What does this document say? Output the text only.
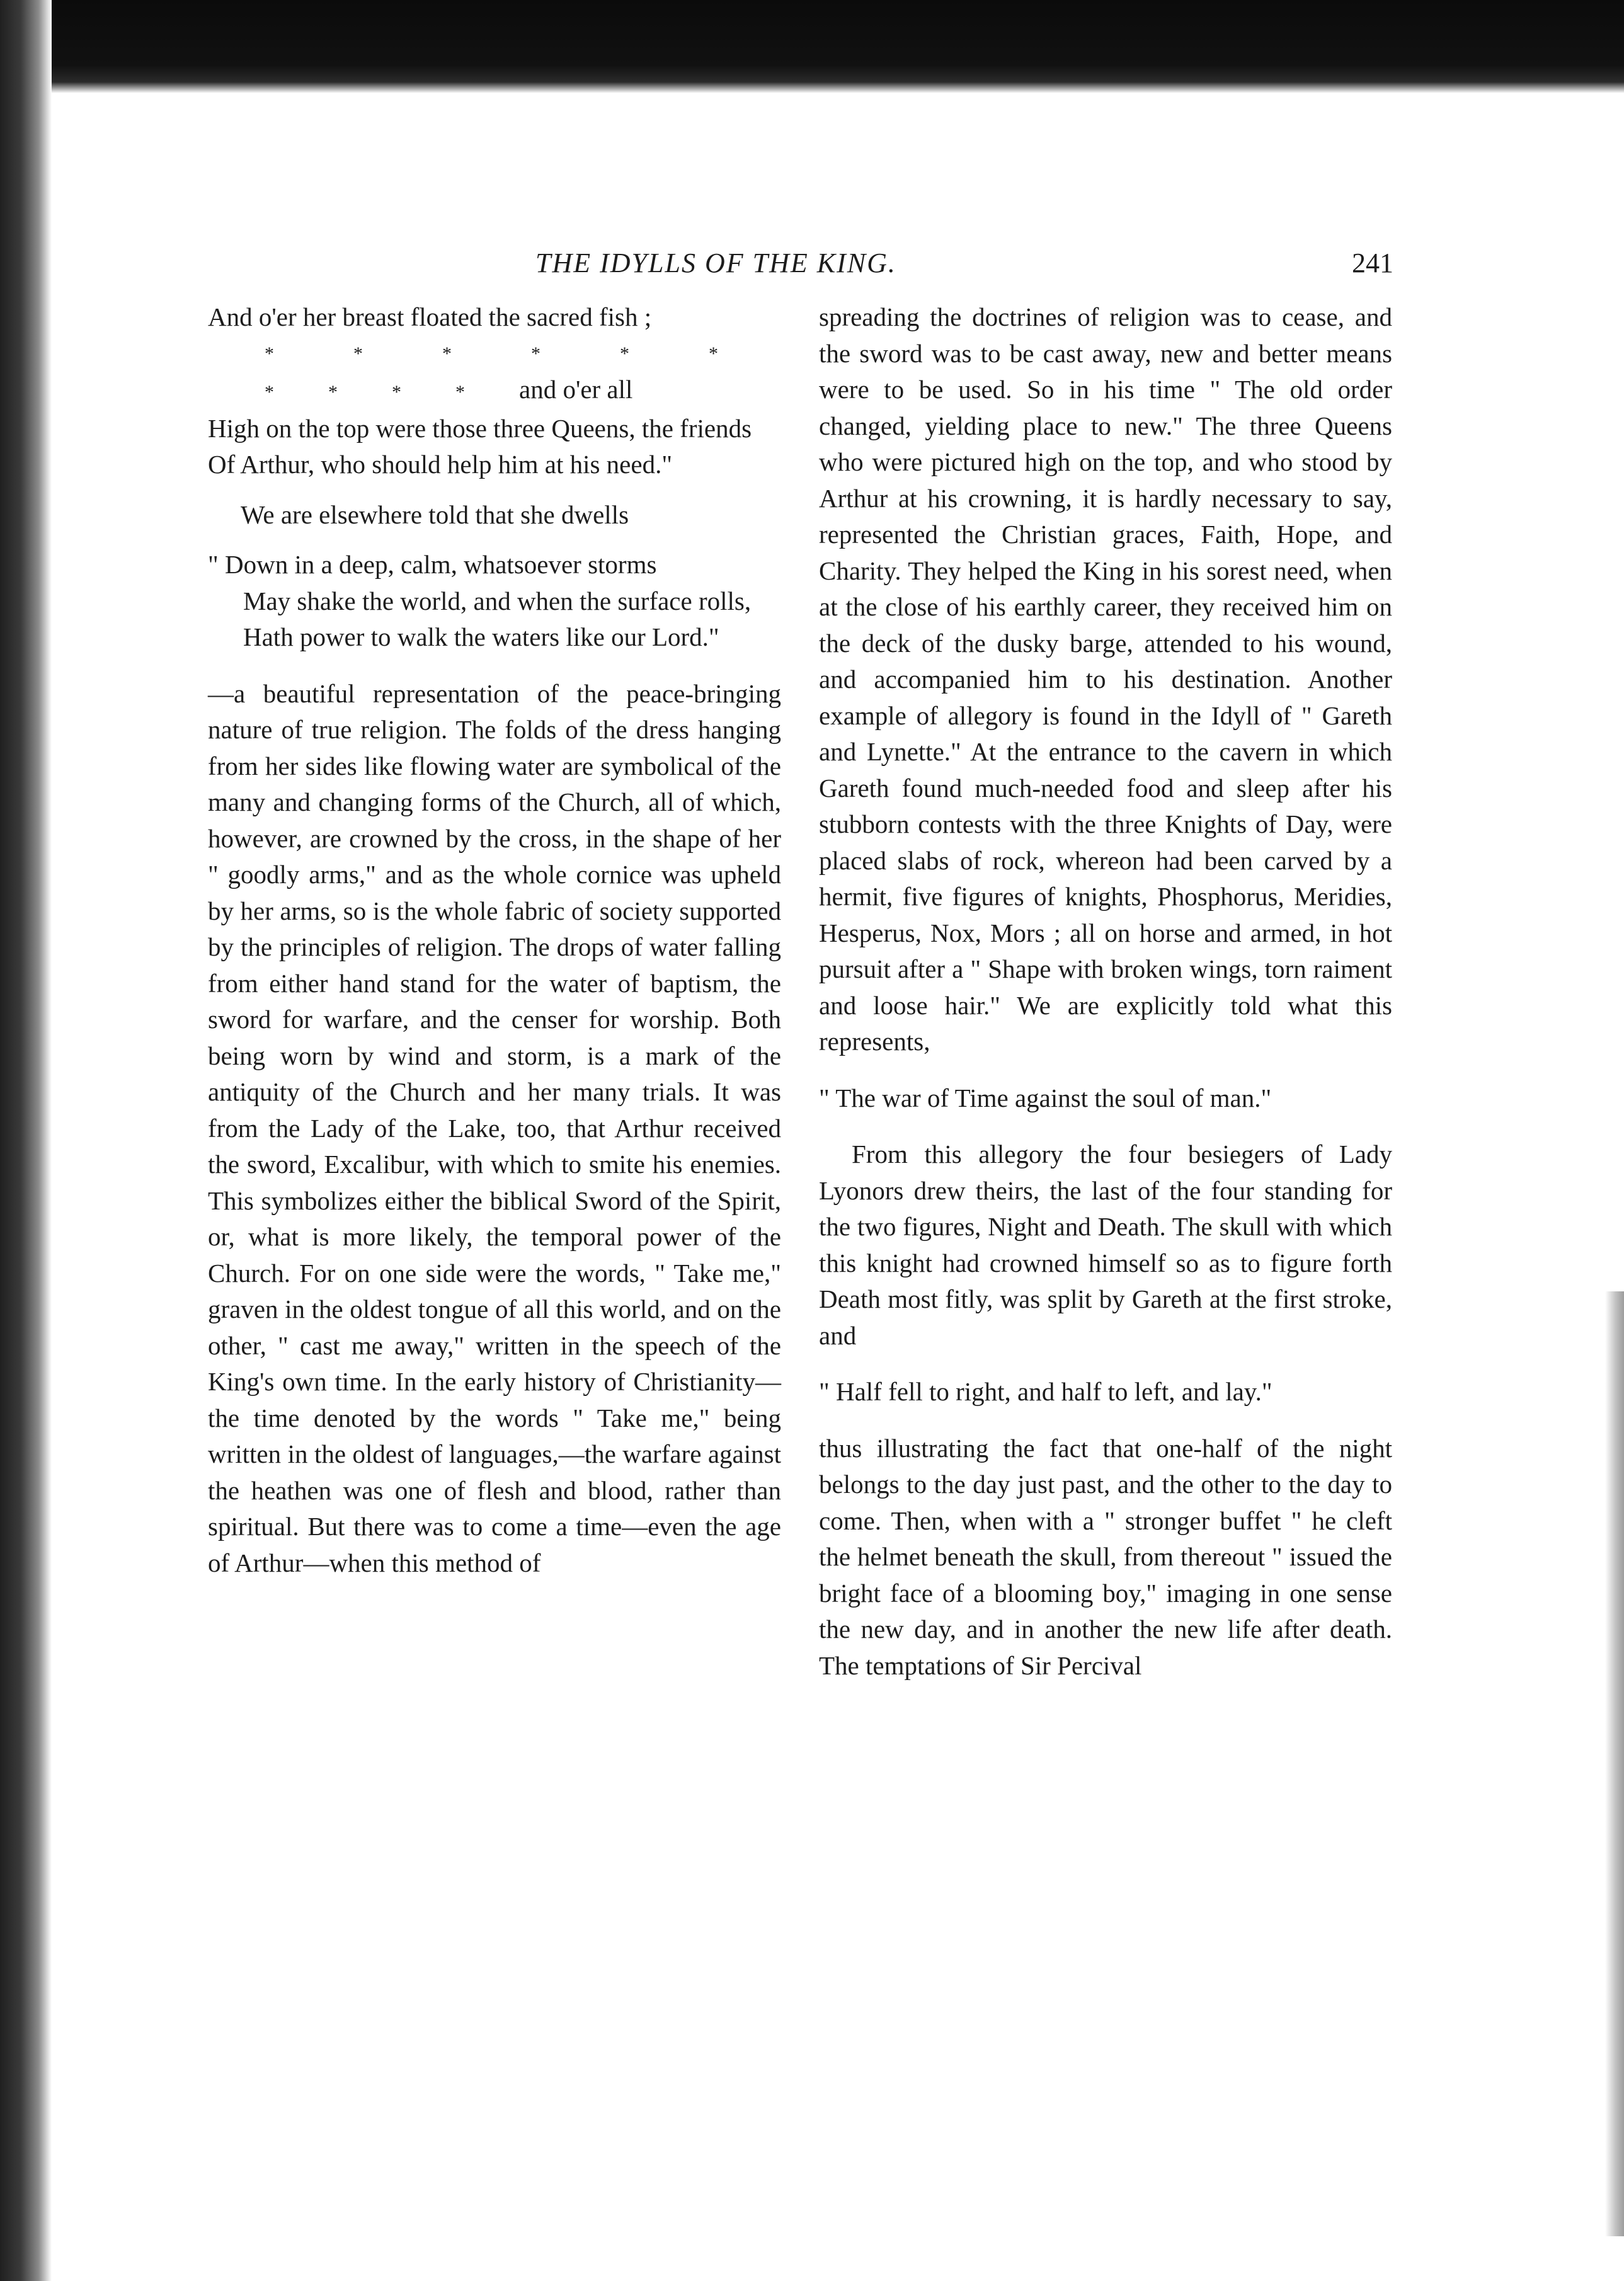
THE IDYLLS OF THE KING.	241

And o'er her breast floated the sacred fish ;

*	*	*	*	*	*
*	*	*	* and o'er all

High on the top were those three Queens, the friends

Of Arthur, who should help him at his need."

We are elsewhere told that she dwells

" Down in a deep, calm, whatsoever storms

May shake the world, and when the surface rolls,

Hath power to walk the waters like our Lord."

—a beautiful representation of the peace-bringing nature of true religion. The folds of the dress hanging from her sides like flowing water are symbolical of the many and changing forms of the Church, all of which, however, are crowned by the cross, in the shape of her " goodly arms," and as the whole cornice was upheld by her arms, so is the whole fabric of society supported by the principles of religion. The drops of water falling from either hand stand for the water of baptism, the sword for warfare, and the censer for worship. Both being worn by wind and storm, is a mark of the antiquity of the Church and her many trials. It was from the Lady of the Lake, too, that Arthur received the sword, Excalibur, with which to smite his enemies. This symbolizes either the biblical Sword of the Spirit, or, what is more likely, the temporal power of the Church. For on one side were the words, " Take me," graven in the oldest tongue of all this world, and on the other, " cast me away," written in the speech of the King's own time. In the early history of Christianity—the time denoted by the words " Take me," being written in the oldest of languages,—the warfare against the heathen was one of flesh and blood, rather than spiritual. But there was to come a time—even the age of Arthur—when this method of

spreading the doctrines of religion was to cease, and the sword was to be cast away, new and better means were to be used. So in his time " The old order changed, yielding place to new." The three Queens who were pictured high on the top, and who stood by Arthur at his crowning, it is hardly necessary to say, represented the Christian graces, Faith, Hope, and Charity. They helped the King in his sorest need, when at the close of his earthly career, they received him on the deck of the dusky barge, attended to his wound, and accompanied him to his destination. Another example of allegory is found in the Idyll of " Gareth and Lynette." At the entrance to the cavern in which Gareth found much-needed food and sleep after his stubborn contests with the three Knights of Day, were placed slabs of rock, whereon had been carved by a hermit, five figures of knights, Phosphorus, Meridies, Hesperus, Nox, Mors ; all on horse and armed, in hot pursuit after a " Shape with broken wings, torn raiment and loose hair." We are explicitly told what this represents,

" The war of Time against the soul of man."

From this allegory the four besiegers of Lady Lyonors drew theirs, the last of the four standing for the two figures, Night and Death. The skull with which this knight had crowned himself so as to figure forth Death most fitly, was split by Gareth at the first stroke, and

" Half fell to right, and half to left, and lay."

thus illustrating the fact that one-half of the night belongs to the day just past, and the other to the day to come. Then, when with a " stronger buffet " he cleft the helmet beneath the skull, from thereout " issued the bright face of a blooming boy," imaging in one sense the new day, and in another the new life after death. The temptations of Sir Percival
